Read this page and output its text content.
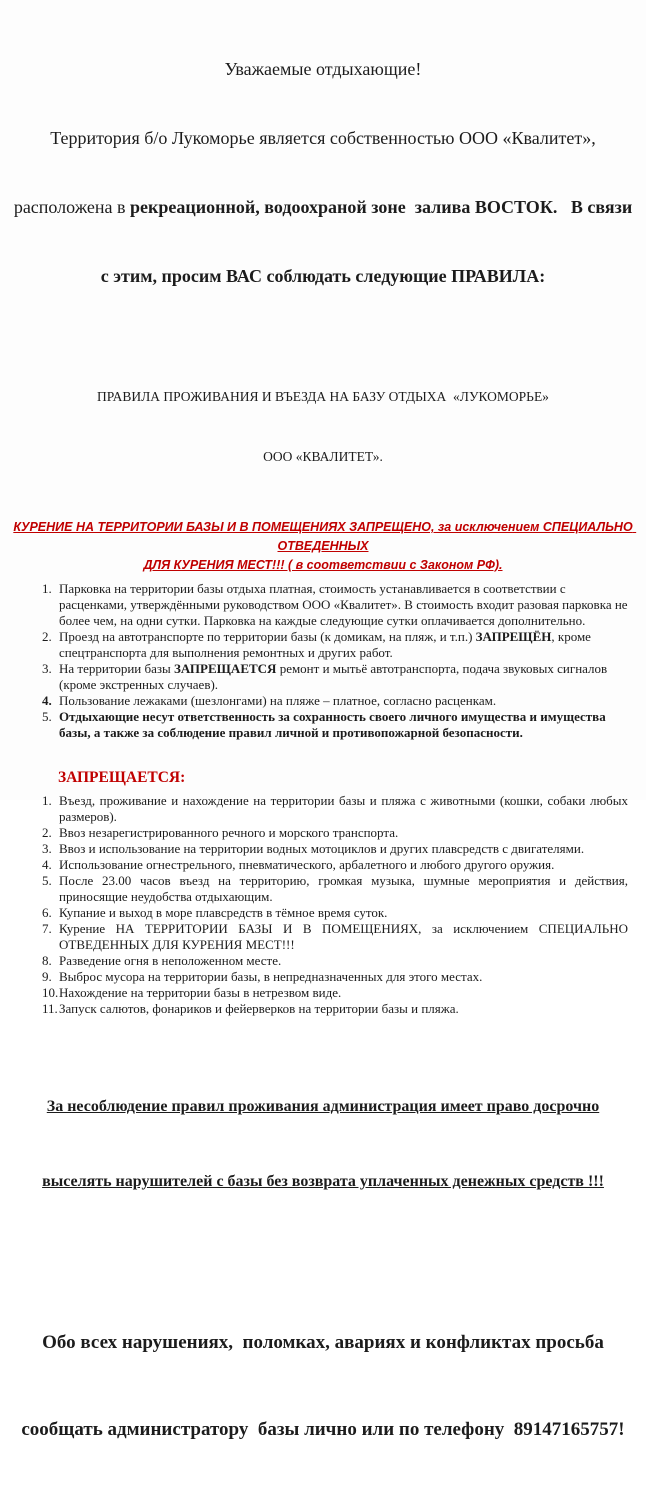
Уважаемые отдыхающие!

Территория б/о Лукоморье является собственностью ООО «Квалитет»,

расположена в рекреационной, водоохраной зоне  залива ВОСТОК.   В связи

с этим, просим ВАС соблюдать следующие ПРАВИЛА:

ПРАВИЛА ПРОЖИВАНИЯ И ВЪЕЗДА НА БАЗУ ОТДЫХА  «ЛУКОМОРЬЕ»

ООО «КВАЛИТЕТ».

КУРЕНИЕ НА ТЕРРИТОРИИ БАЗЫ И В ПОМЕЩЕНИЯХ ЗАПРЕЩЕНО, за исключением СПЕЦИАЛЬНО ОТВЕДЕННЫХ
ДЛЯ КУРЕНИЯ МЕСТ!!! ( в соответствии с Законом РФ).
1. Парковка на территории базы отдыха платная, стоимость устанавливается в соответствии с расценками, утверждёнными руководством ООО «Квалитет». В стоимость входит разовая парковка не более чем, на одни сутки. Парковка на каждые следующие сутки оплачивается дополнительно.
2. Проезд на автотранспорте по территории базы (к домикам, на пляж, и т.п.) ЗАПРЕЩЁН, кроме спецтранспорта для выполнения ремонтных и других работ.
3. На территории базы ЗАПРЕЩАЕТСЯ ремонт и мытьё автотранспорта, подача звуковых сигналов (кроме экстренных случаев).
4. Пользование лежаками (шезлонгами) на пляже – платное, согласно расценкам.
5. Отдыхающие несут ответственность за сохранность своего личного имущества и имущества базы, а также за соблюдение правил личной и противопожарной безопасности.
ЗАПРЕЩАЕТСЯ:
1. Въезд, проживание и нахождение на территории базы и пляжа с животными (кошки, собаки любых размеров).
2. Ввоз незарегистрированного речного и морского транспорта.
3. Ввоз и использование на территории водных мотоциклов и других плавсредств с двигателями.
4. Использование огнестрельного, пневматического, арбалетного и любого другого оружия.
5. После 23.00 часов въезд на территорию, громкая музыка, шумные мероприятия и действия, приносящие неудобства отдыхающим.
6. Купание и выход в море плавсредств в тёмное время суток.
7. Курение НА ТЕРРИТОРИИ БАЗЫ И В ПОМЕЩЕНИЯХ, за исключением СПЕЦИАЛЬНО ОТВЕДЕННЫХ ДЛЯ КУРЕНИЯ МЕСТ!!!
8. Разведение огня в неположенном месте.
9. Выброс мусора на территории базы, в непредназначенных для этого местах.
10. Нахождение на территории базы в нетрезвом виде.
11. Запуск салютов, фонариков и фейерверков на территории базы и пляжа.

За несоблюдение правил проживания администрация имеет право досрочно

выселять нарушителей с базы без возврата уплаченных денежных средств !!!

Обо всех нарушениях,  поломках, авариях и конфликтах просьба

сообщать администратору  базы лично или по телефону  89147165757!
